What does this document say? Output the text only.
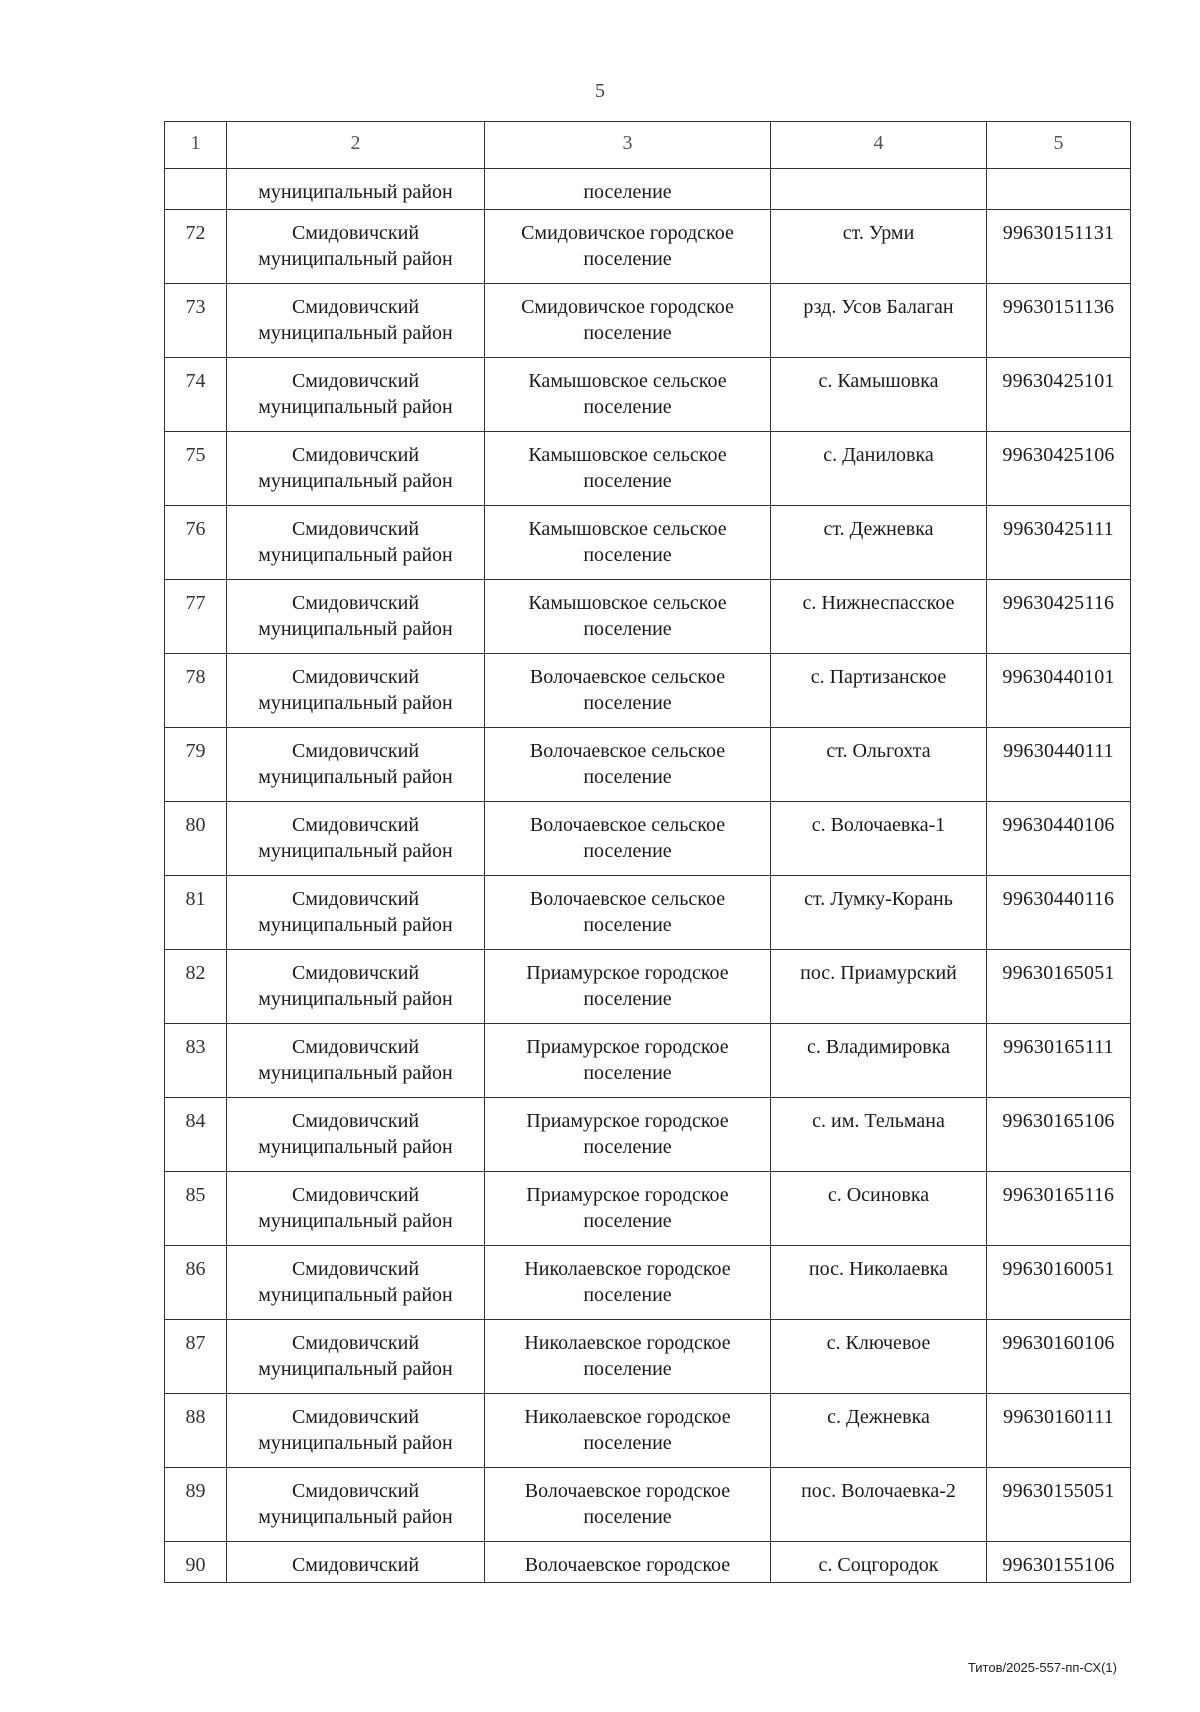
5
1	2	3	4	5
	муниципальный район	поселение		
72	Смидовичский муниципальный район	Смидовичское городское поселение	ст. Урми	99630151131
73	Смидовичский муниципальный район	Смидовичское городское поселение	рзд. Усов Балаган	99630151136
74	Смидовичский муниципальный район	Камышовское сельское поселение	с. Камышовка	99630425101
75	Смидовичский муниципальный район	Камышовское сельское поселение	с. Даниловка	99630425106
76	Смидовичский муниципальный район	Камышовское сельское поселение	ст. Дежневка	99630425111
77	Смидовичский муниципальный район	Камышовское сельское поселение	с. Нижнеспасское	99630425116
78	Смидовичский муниципальный район	Волочаевское сельское поселение	с. Партизанское	99630440101
79	Смидовичский муниципальный район	Волочаевское сельское поселение	ст. Ольгохта	99630440111
80	Смидовичский муниципальный район	Волочаевское сельское поселение	с. Волочаевка-1	99630440106
81	Смидовичский муниципальный район	Волочаевское сельское поселение	ст. Лумку-Корань	99630440116
82	Смидовичский муниципальный район	Приамурское городское поселение	пос. Приамурский	99630165051
83	Смидовичский муниципальный район	Приамурское городское поселение	с. Владимировка	99630165111
84	Смидовичский муниципальный район	Приамурское городское поселение	с. им. Тельмана	99630165106
85	Смидовичский муниципальный район	Приамурское городское поселение	с. Осиновка	99630165116
86	Смидовичский муниципальный район	Николаевское городское поселение	пос. Николаевка	99630160051
87	Смидовичский муниципальный район	Николаевское городское поселение	с. Ключевое	99630160106
88	Смидовичский муниципальный район	Николаевское городское поселение	с. Дежневка	99630160111
89	Смидовичский муниципальный район	Волочаевское городское поселение	пос. Волочаевка-2	99630155051
90	Смидовичский	Волочаевское городское	с. Соцгородок	99630155106
Титов/2025-557-пп-СХ(1)
